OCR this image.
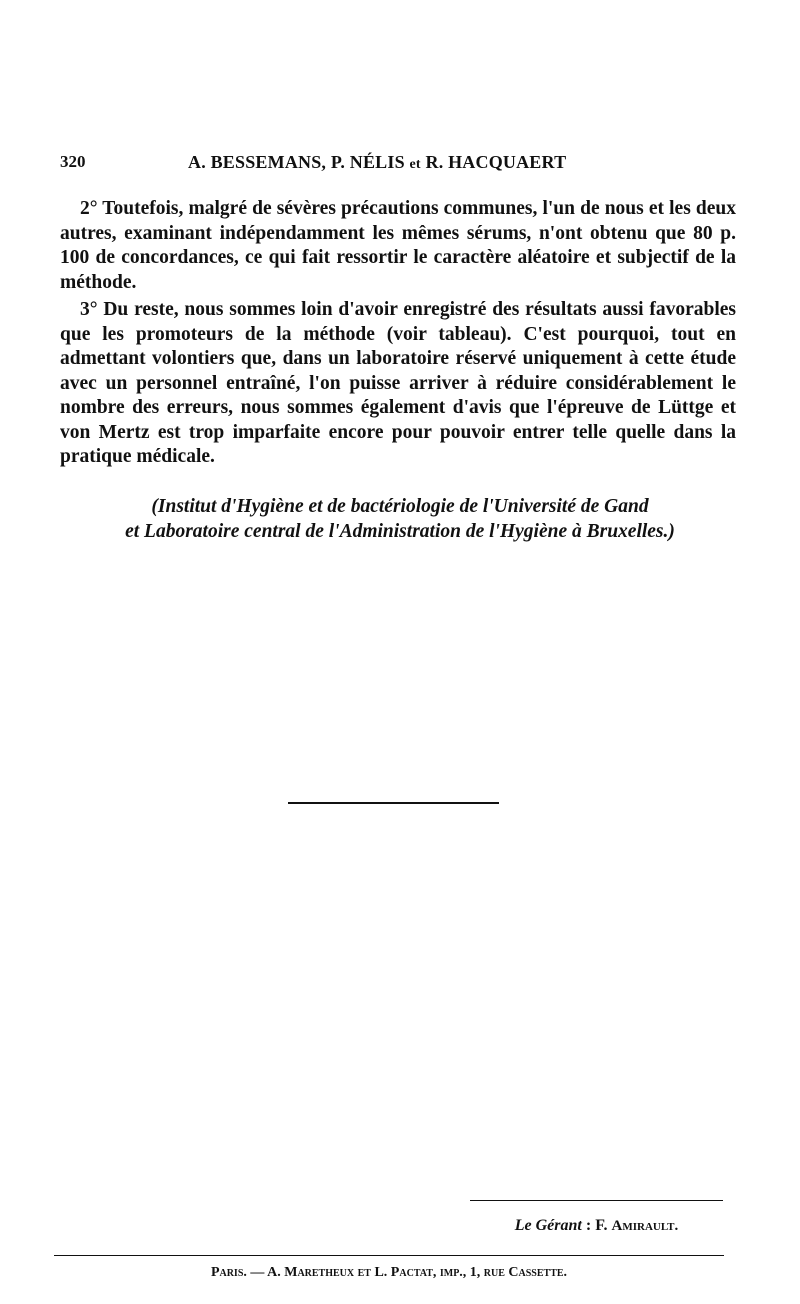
320	A. BESSEMANS, P. NÉLIS et R. HACQUAERT

2° Toutefois, malgré de sévères précautions communes, l'un de nous et les deux autres, examinant indépendamment les mêmes sérums, n'ont obtenu que 80 p. 100 de concordances, ce qui fait ressortir le caractère aléatoire et subjectif de la méthode.

3° Du reste, nous sommes loin d'avoir enregistré des résultats aussi favorables que les promoteurs de la méthode (voir tableau). C'est pourquoi, tout en admettant volontiers que, dans un laboratoire réservé uniquement à cette étude avec un personnel entraîné, l'on puisse arriver à réduire considérablement le nombre des erreurs, nous sommes également d'avis que l'épreuve de Lüttge et von Mertz est trop imparfaite encore pour pouvoir entrer telle quelle dans la pratique médicale.

(Institut d'Hygiène et de bactériologie de l'Université de Gand
et Laboratoire central de l'Administration de l'Hygiène à Bruxelles.)
Le Gérant : F. Amirault.
Paris. — A. Maretheux et L. Pactat, imp., 1, rue Cassette.
